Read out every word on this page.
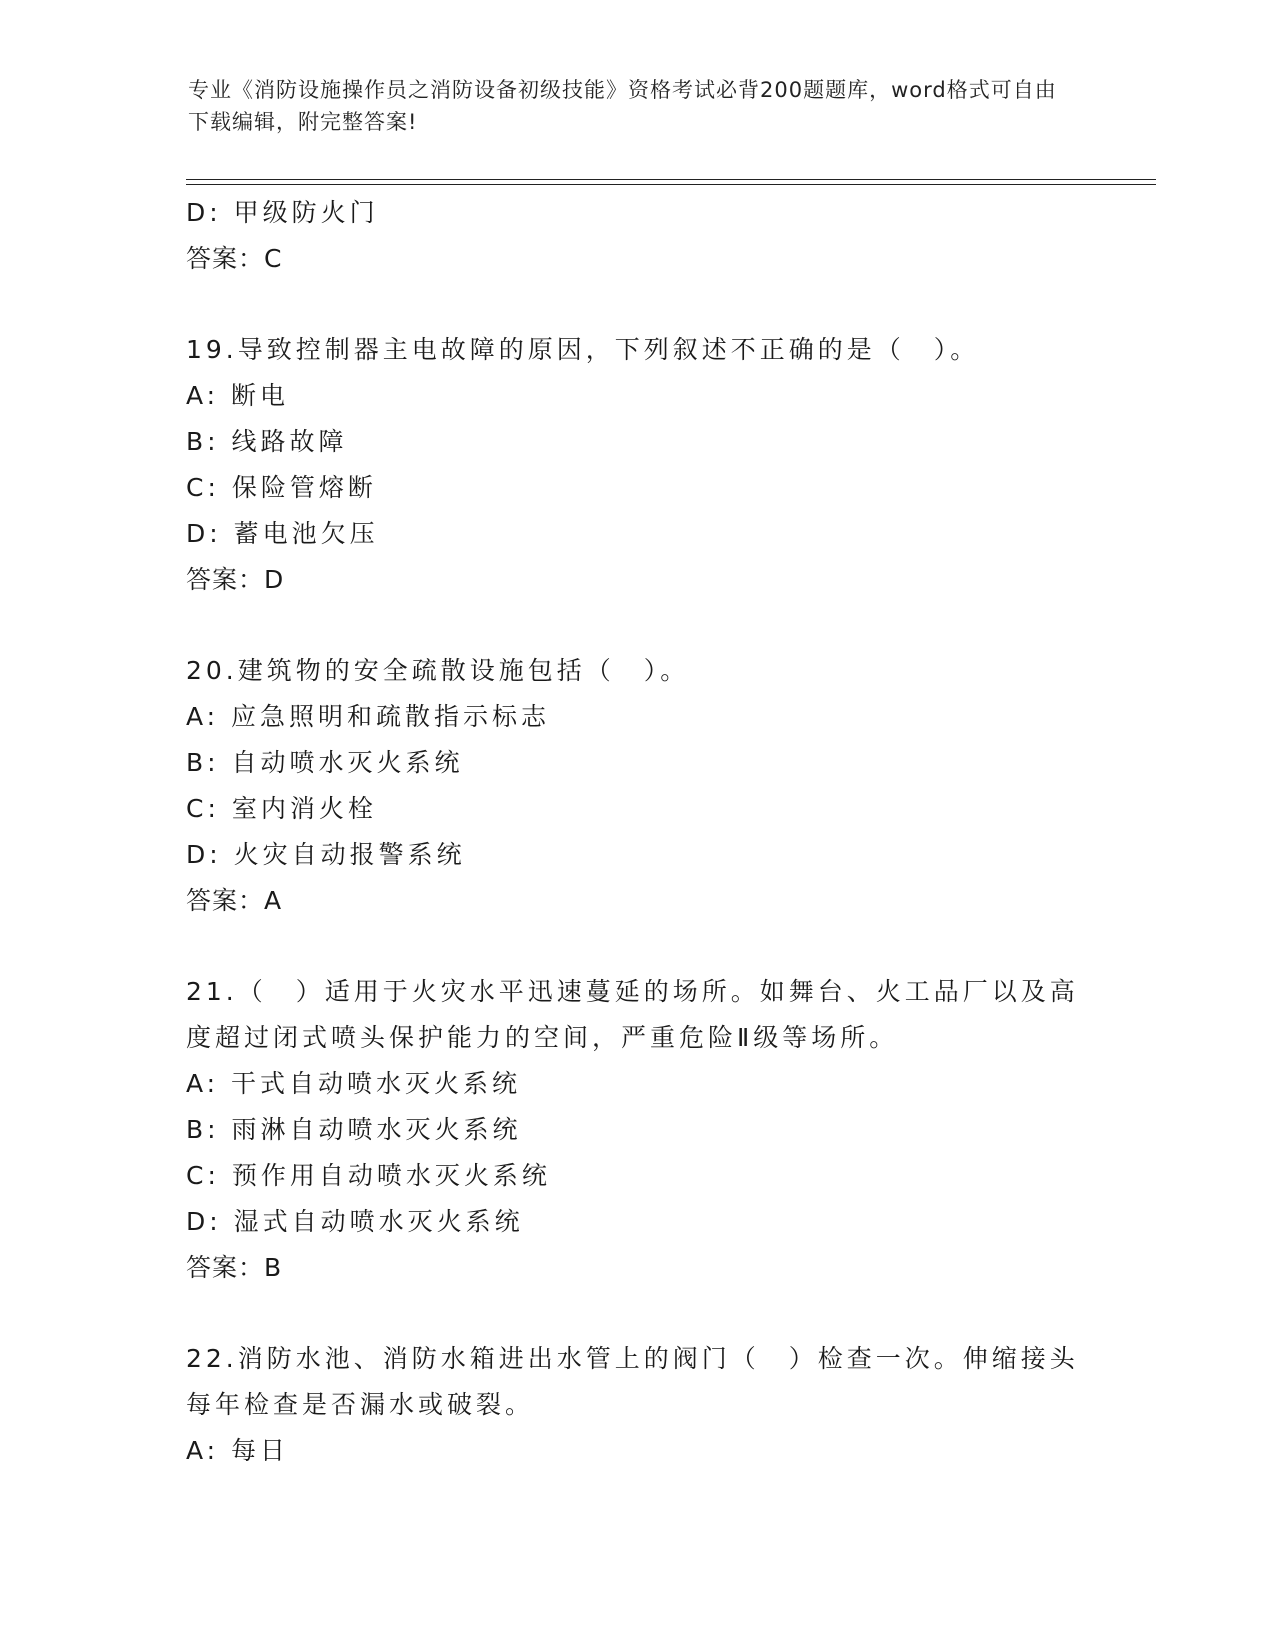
专业《消防设施操作员之消防设备初级技能》资格考试必背200题题库，word格式可自由下载编辑，附完整答案!
D: 甲级防火门
答案：C
19.导致控制器主电故障的原因，下列叙述不正确的是（　）。
A: 断电
B: 线路故障
C: 保险管熔断
D: 蓄电池欠压
答案：D
20.建筑物的安全疏散设施包括（　）。
A: 应急照明和疏散指示标志
B: 自动喷水灭火系统
C: 室内消火栓
D: 火灾自动报警系统
答案：A
21.（　）适用于火灾水平迅速蔓延的场所。如舞台、火工品厂以及高度超过闭式喷头保护能力的空间，严重危险Ⅱ级等场所。
A: 干式自动喷水灭火系统
B: 雨淋自动喷水灭火系统
C: 预作用自动喷水灭火系统
D: 湿式自动喷水灭火系统
答案：B
22.消防水池、消防水箱进出水管上的阀门（　）检查一次。伸缩接头每年检查是否漏水或破裂。
A: 每日
